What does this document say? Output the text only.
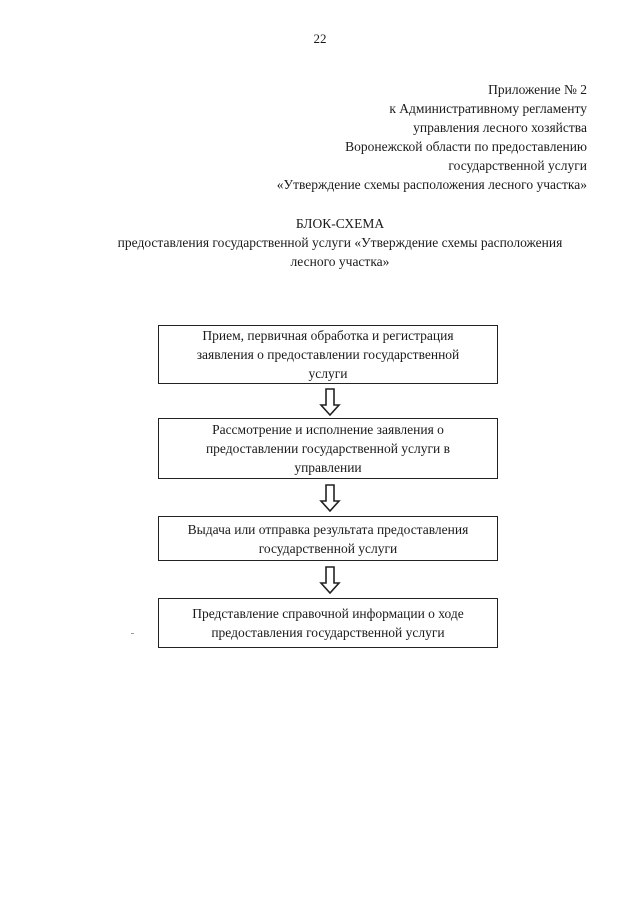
22
Приложение № 2
к Административному регламенту
управления лесного хозяйства
Воронежской области по предоставлению
государственной услуги
«Утверждение схемы расположения лесного участка»
БЛОК-СХЕМА
предоставления государственной услуги «Утверждение схемы расположения
лесного участка»
Прием, первичная обработка и регистрация
заявления о предоставлении государственной
услуги
Рассмотрение и исполнение заявления о
предоставлении государственной услуги в
управлении
Выдача или отправка результата предоставления
государственной услуги
Представление справочной информации о ходе
предоставления государственной услуги
